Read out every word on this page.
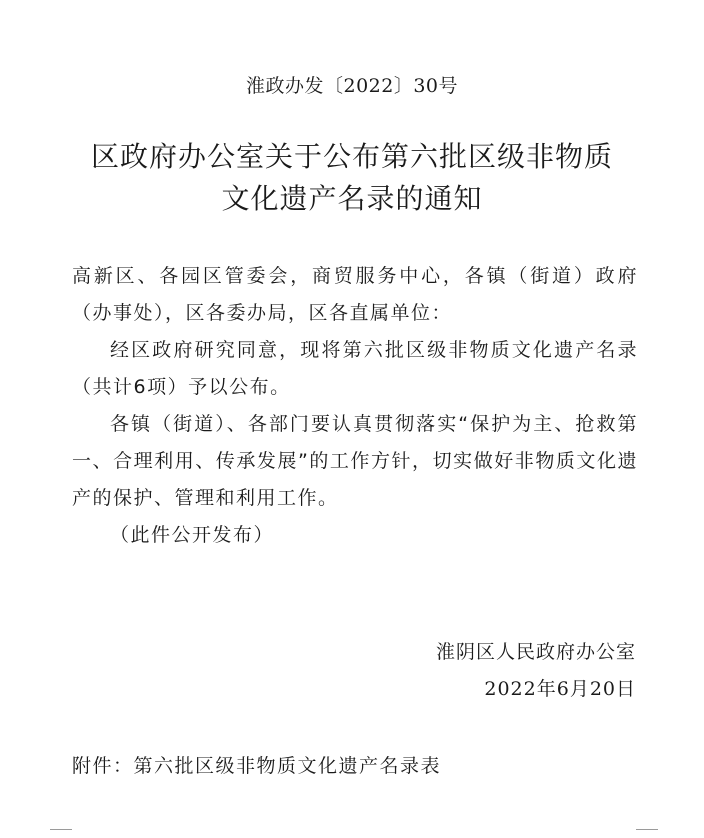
淮政办发〔2022〕30号
区政府办公室关于公布第六批区级非物质
文化遗产名录的通知

高新区、各园区管委会，商贸服务中心，各镇（街道）政府（办事处），区各委办局，区各直属单位：

经区政府研究同意，现将第六批区级非物质文化遗产名录（共计6项）予以公布。

各镇（街道）、各部门要认真贯彻落实“保护为主、抢救第一、合理利用、传承发展”的工作方针，切实做好非物质文化遗产的保护、管理和利用工作。

（此件公开发布）

淮阴区人民政府办公室
2022年6月20日
附件：第六批区级非物质文化遗产名录表
